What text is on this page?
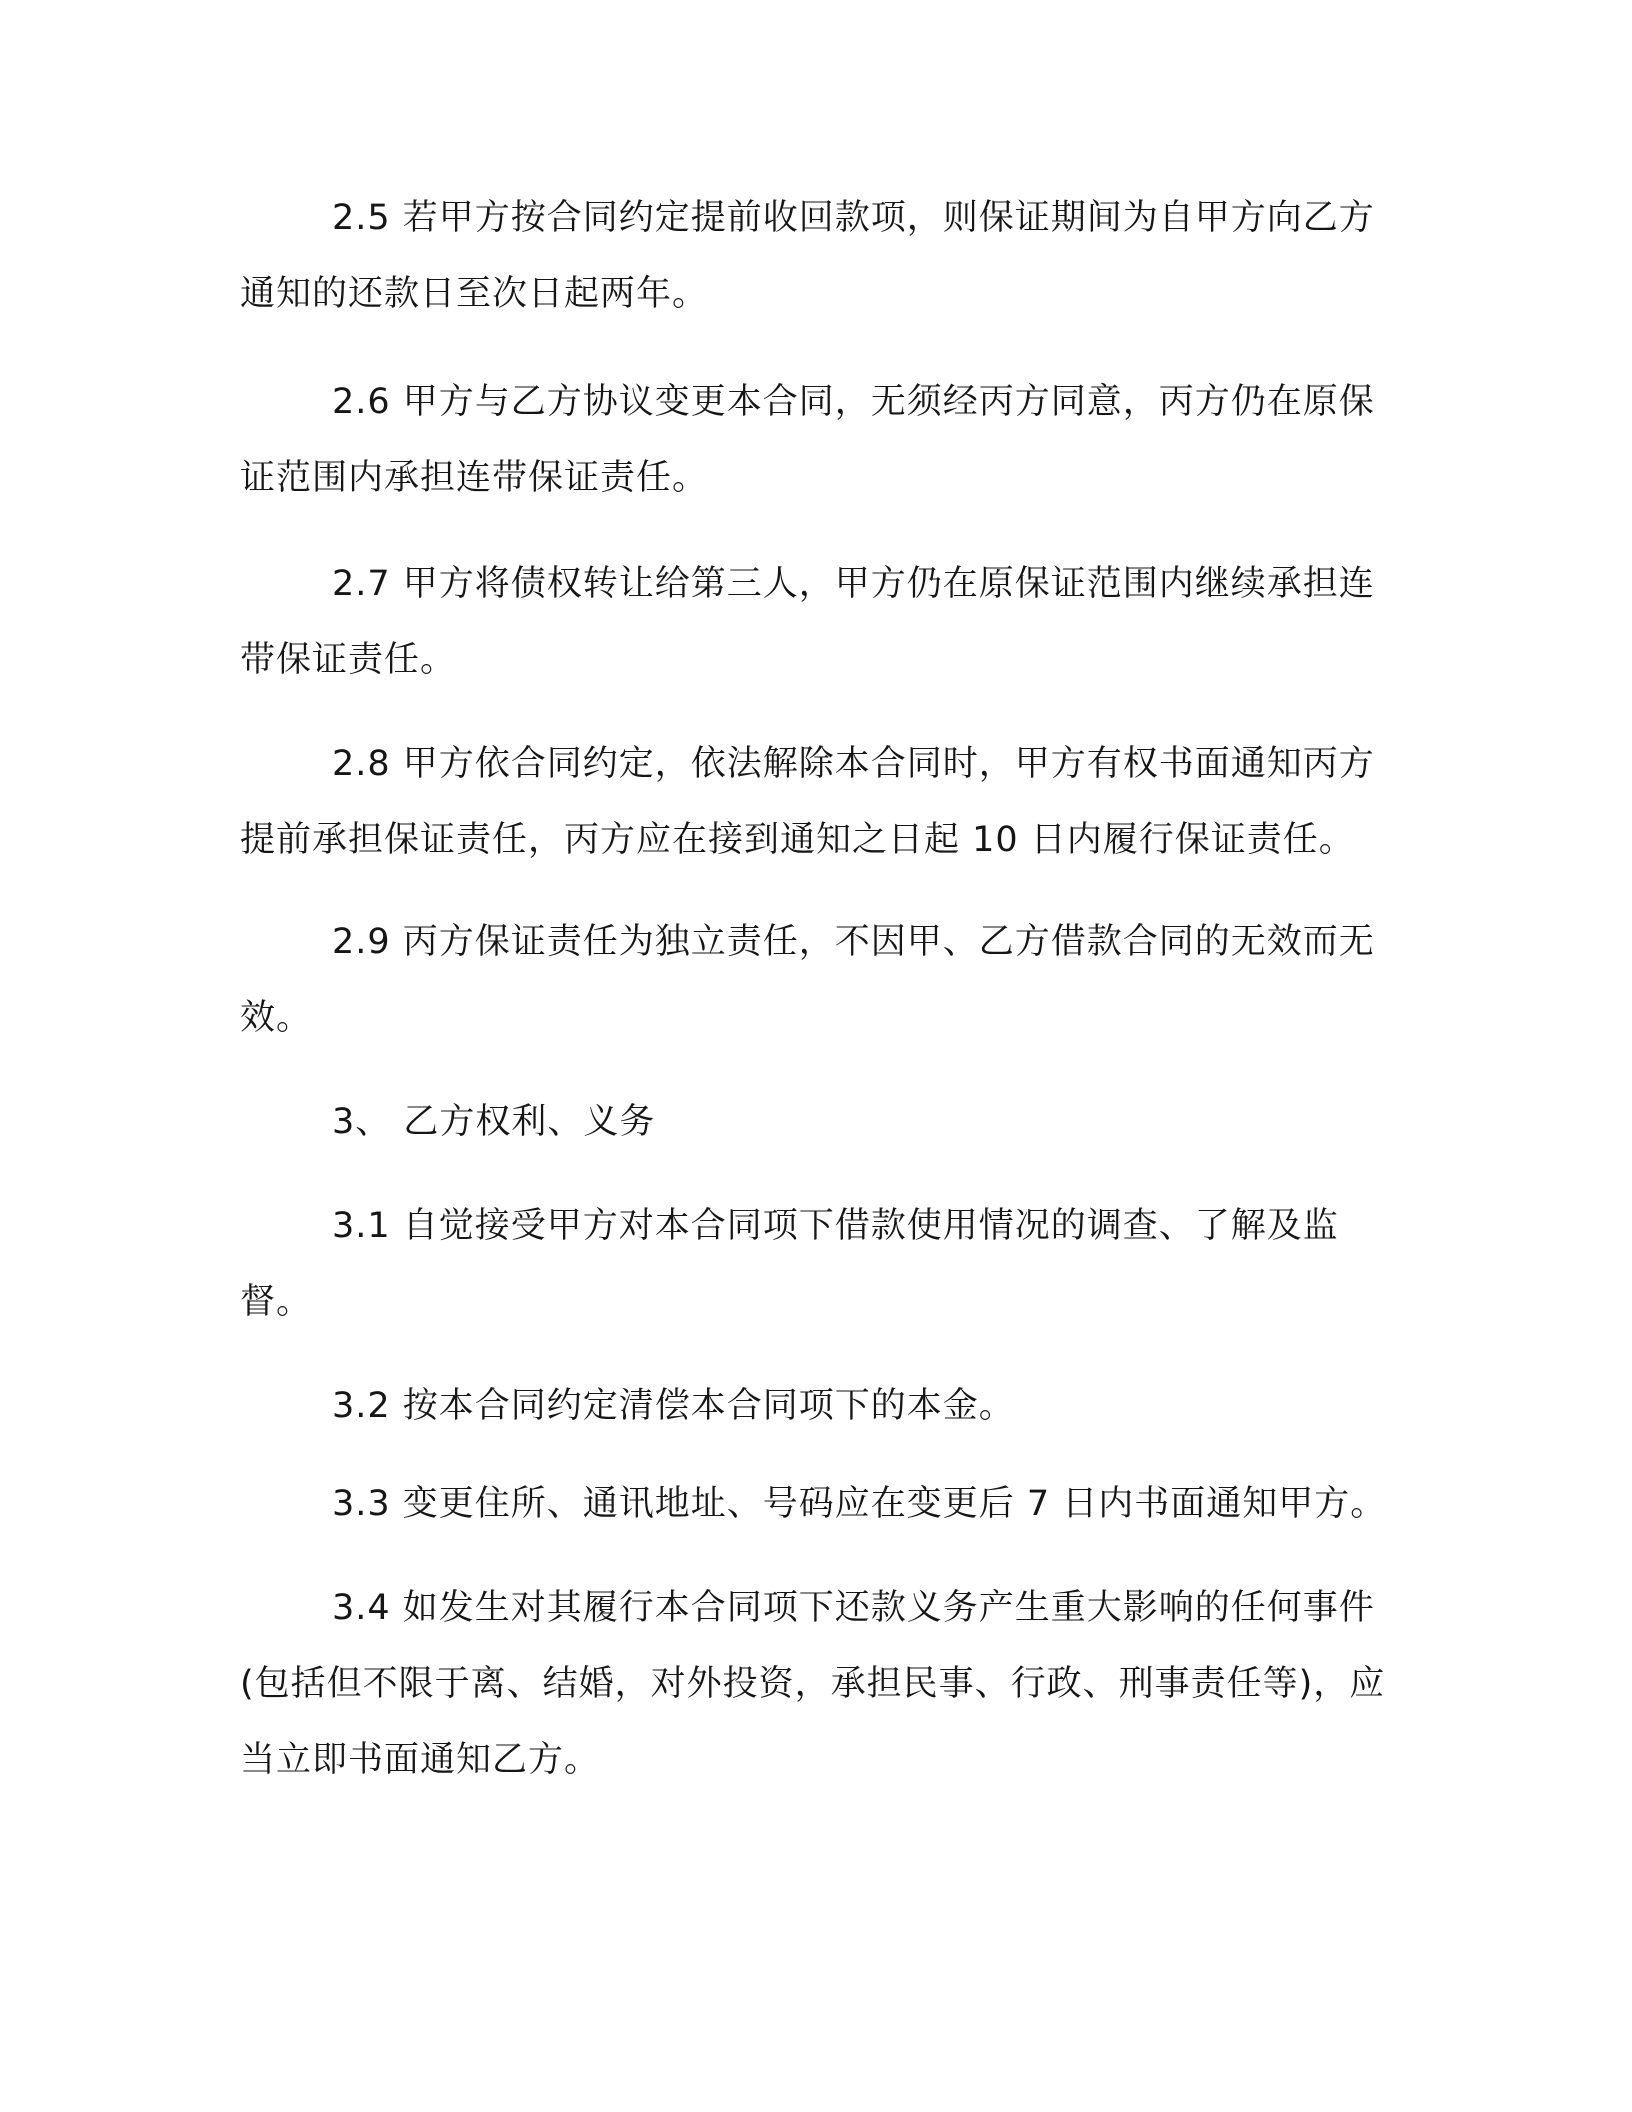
2.5 若甲方按合同约定提前收回款项，则保证期间为自甲方向乙方通知的还款日至次日起两年。

2.6 甲方与乙方协议变更本合同，无须经丙方同意，丙方仍在原保证范围内承担连带保证责任。

2.7 甲方将债权转让给第三人，甲方仍在原保证范围内继续承担连带保证责任。

2.8 甲方依合同约定，依法解除本合同时，甲方有权书面通知丙方提前承担保证责任，丙方应在接到通知之日起 10 日内履行保证责任。

2.9 丙方保证责任为独立责任，不因甲、乙方借款合同的无效而无效。

3、 乙方权利、义务

3.1 自觉接受甲方对本合同项下借款使用情况的调查、了解及监督。

3.2 按本合同约定清偿本合同项下的本金。

3.3 变更住所、通讯地址、号码应在变更后 7 日内书面通知甲方。

3.4 如发生对其履行本合同项下还款义务产生重大影响的任何事件(包括但不限于离、结婚，对外投资，承担民事、行政、刑事责任等)，应当立即书面通知乙方。
